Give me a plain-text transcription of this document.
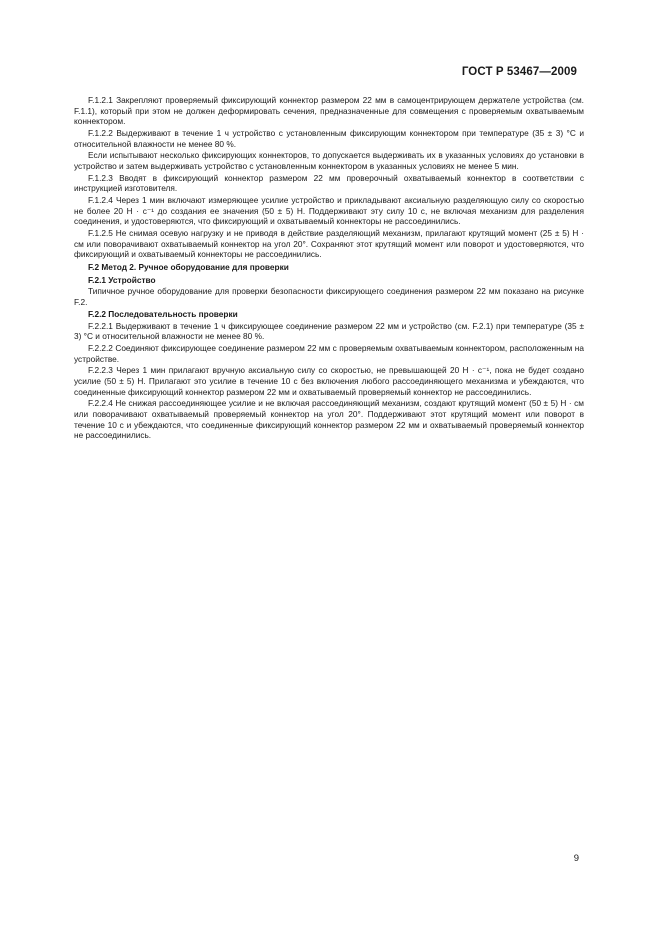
ГОСТ Р 53467—2009

F.1.2.1 Закрепляют проверяемый фиксирующий коннектор размером 22 мм в самоцентрирующем держателе устройства (см. F.1.1), который при этом не должен деформировать сечения, предназначенные для совмещения с проверяемым охватываемым коннектором.

F.1.2.2 Выдерживают в течение 1 ч устройство с установленным фиксирующим коннектором при температуре (35 ± 3) °С и относительной влажности не менее 80 %.

Если испытывают несколько фиксирующих коннекторов, то допускается выдерживать их в указанных условиях до установки в устройство и затем выдерживать устройство с установленным коннектором в указанных условиях не менее 5 мин.

F.1.2.3 Вводят в фиксирующий коннектор размером 22 мм проверочный охватываемый коннектор в соответствии с инструкцией изготовителя.

F.1.2.4 Через 1 мин включают измеряющее усилие устройство и прикладывают аксиальную разделяющую силу со скоростью не более 20 Н · с⁻¹ до создания ее значения (50 ± 5) Н. Поддерживают эту силу 10 с, не включая механизм для разделения соединения, и удостоверяются, что фиксирующий и охватываемый коннекторы не рассоединились.

F.1.2.5 Не снимая осевую нагрузку и не приводя в действие разделяющий механизм, прилагают крутящий момент (25 ± 5) Н · см или поворачивают охватываемый коннектор на угол 20°. Сохраняют этот крутящий момент или поворот и удостоверяются, что фиксирующий и охватываемый коннекторы не рассоединились.

F.2 Метод 2. Ручное оборудование для проверки

F.2.1 Устройство

Типичное ручное оборудование для проверки безопасности фиксирующего соединения размером 22 мм показано на рисунке F.2.

F.2.2 Последовательность проверки

F.2.2.1 Выдерживают в течение 1 ч фиксирующее соединение размером 22 мм и устройство (см. F.2.1) при температуре (35 ± 3) °С и относительной влажности не менее 80 %.

F.2.2.2 Соединяют фиксирующее соединение размером 22 мм с проверяемым охватываемым коннектором, расположенным на устройстве.

F.2.2.3 Через 1 мин прилагают вручную аксиальную силу со скоростью, не превышающей 20 Н · с⁻¹, пока не будет создано усилие (50 ± 5) Н. Прилагают это усилие в течение 10 с без включения любого рассоединяющего механизма и убеждаются, что соединенные фиксирующий коннектор размером 22 мм и охватываемый проверяемый коннектор не рассоединились.

F.2.2.4 Не снижая рассоединяющее усилие и не включая рассоединяющий механизм, создают крутящий момент (50 ± 5) Н · см или поворачивают охватываемый проверяемый коннектор на угол 20°. Поддерживают этот крутящий момент или поворот в течение 10 с и убеждаются, что соединенные фиксирующий коннектор размером 22 мм и охватываемый проверяемый коннектор не рассоединились.

9
